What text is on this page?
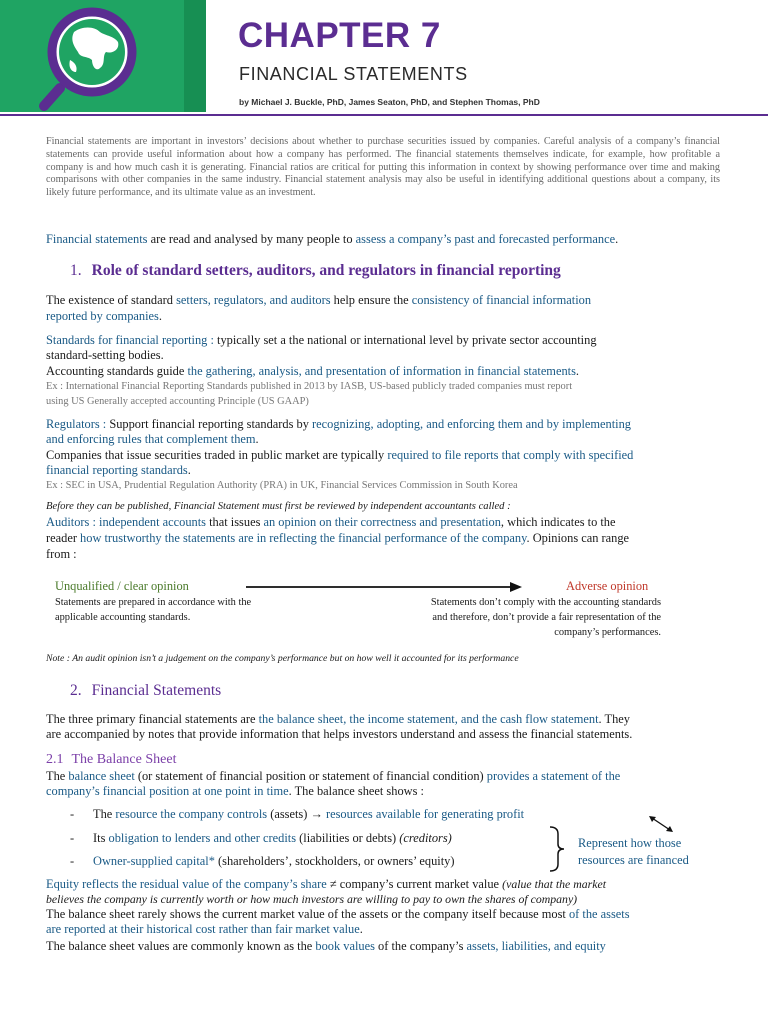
CHAPTER 7
FINANCIAL STATEMENTS
by Michael J. Buckle, PhD, James Seaton, PhD, and Stephen Thomas, PhD
Financial statements are important in investors’ decisions about whether to purchase securities issued by companies. Careful analysis of a company’s financial statements can provide useful information about how a company has performed. The financial statements themselves indicate, for example, how profitable a company is and how much cash it is generating. Financial ratios are critical for putting this information in context by showing performance over time and making comparisons with other companies in the same industry. Financial statement analysis may also be useful in identifying additional questions about a company, its likely future performance, and its ultimate value as an investment.

Financial statements are read and analysed by many people to assess a company’s past and forecasted performance.

1. Role of standard setters, auditors, and regulators in financial reporting

The existence of standard setters, regulators, and auditors help ensure the consistency of financial information

reported by companies.

Standards for financial reporting : typically set a the national or international level by private sector accounting

standard-setting bodies.

Accounting standards guide the gathering, analysis, and presentation of information in financial statements.

Ex : International Financial Reporting Standards published in 2013 by IASB, US-based publicly traded companies must report

using US Generally accepted accounting Principle (US GAAP)

Regulators : Support financial reporting standards by recognizing, adopting, and enforcing them and by implementing

and enforcing rules that complement them.

Companies that issue securities traded in public market are typically required to file reports that comply with specified

financial reporting standards.

Ex : SEC in USA, Prudential Regulation Authority (PRA) in UK, Financial Services Commission in South Korea

Before they can be published, Financial Statement must first be reviewed by independent accountants called :

Auditors : independent accounts that issues an opinion on their correctness and presentation, which indicates to the

reader how trustworthy the statements are in reflecting the financial performance of the company. Opinions can range

from :

Unqualified / clear opinion	Adverse opinion

Statements are prepared in accordance with the

applicable accounting standards.

Statements don’t comply with the accounting standards

and therefore, don’t provide a fair representation of the

company’s performances.

Note : An audit opinion isn’t a judgement on the company’s performance but on how well it accounted for its performance

2. Financial Statements

The three primary financial statements are the balance sheet, the income statement, and the cash flow statement. They

are accompanied by notes that provide information that helps investors understand and assess the financial statements.

2.1 The Balance Sheet

The balance sheet (or statement of financial position or statement of financial condition) provides a statement of the

company’s financial position at one point in time. The balance sheet shows :

- The resource the company controls (assets) → resources available for generating profit
- Its obligation to lenders and other credits (liabilities or debts) (creditors)
- Owner-supplied capital* (shareholders’, stockholders, or owners’ equity)

Represent how those

resources are financed

Equity reflects the residual value of the company’s share ≠ company’s current market value (value that the market

believes the company is currently worth or how much investors are willing to pay to own the shares of company)

The balance sheet rarely shows the current market value of the assets or the company itself because most of the assets

are reported at their historical cost rather than fair market value.

The balance sheet values are commonly known as the book values of the company’s assets, liabilities, and equity
